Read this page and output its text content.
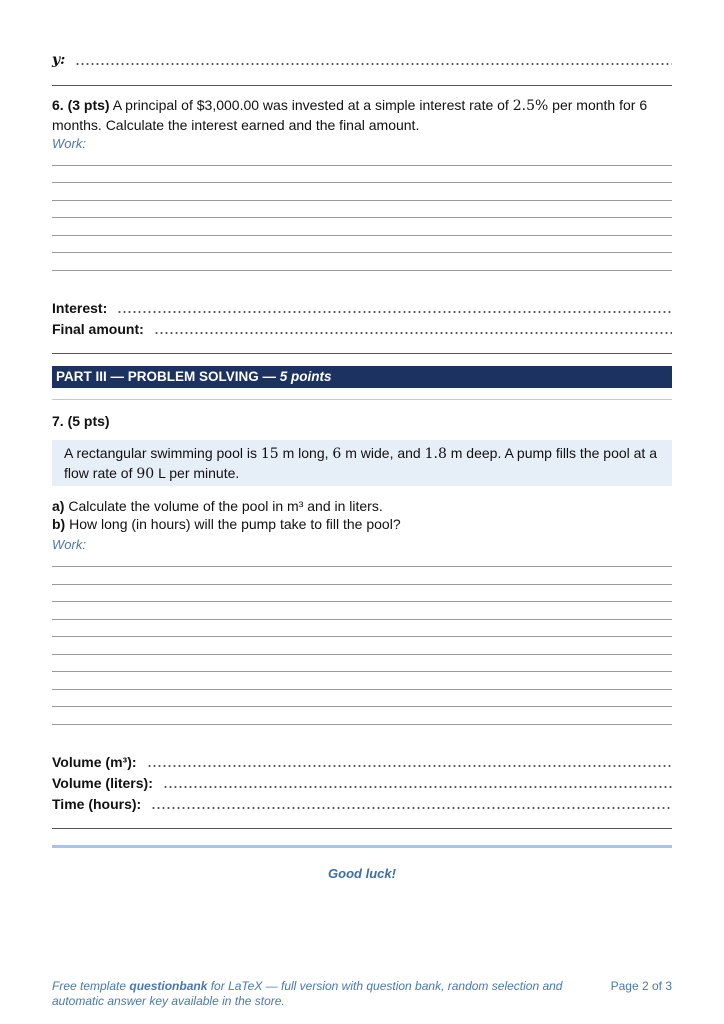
y:
6. (3 pts) A principal of $3,000.00 was invested at a simple interest rate of 2.5% per month for 6 months. Calculate the interest earned and the final amount.
Work:
Interest:
Final amount:
PART III — PROBLEM SOLVING — 5 points
7. (5 pts)
A rectangular swimming pool is 15 m long, 6 m wide, and 1.8 m deep. A pump fills the pool at a flow rate of 90 L per minute.
a) Calculate the volume of the pool in m³ and in liters.
b) How long (in hours) will the pump take to fill the pool?
Work:
Volume (m³):
Volume (liters):
Time (hours):
Good luck!
Free template questionbank for LaTeX — full version with question bank, random selection and automatic answer key available in the store.
Page 2 of 3
